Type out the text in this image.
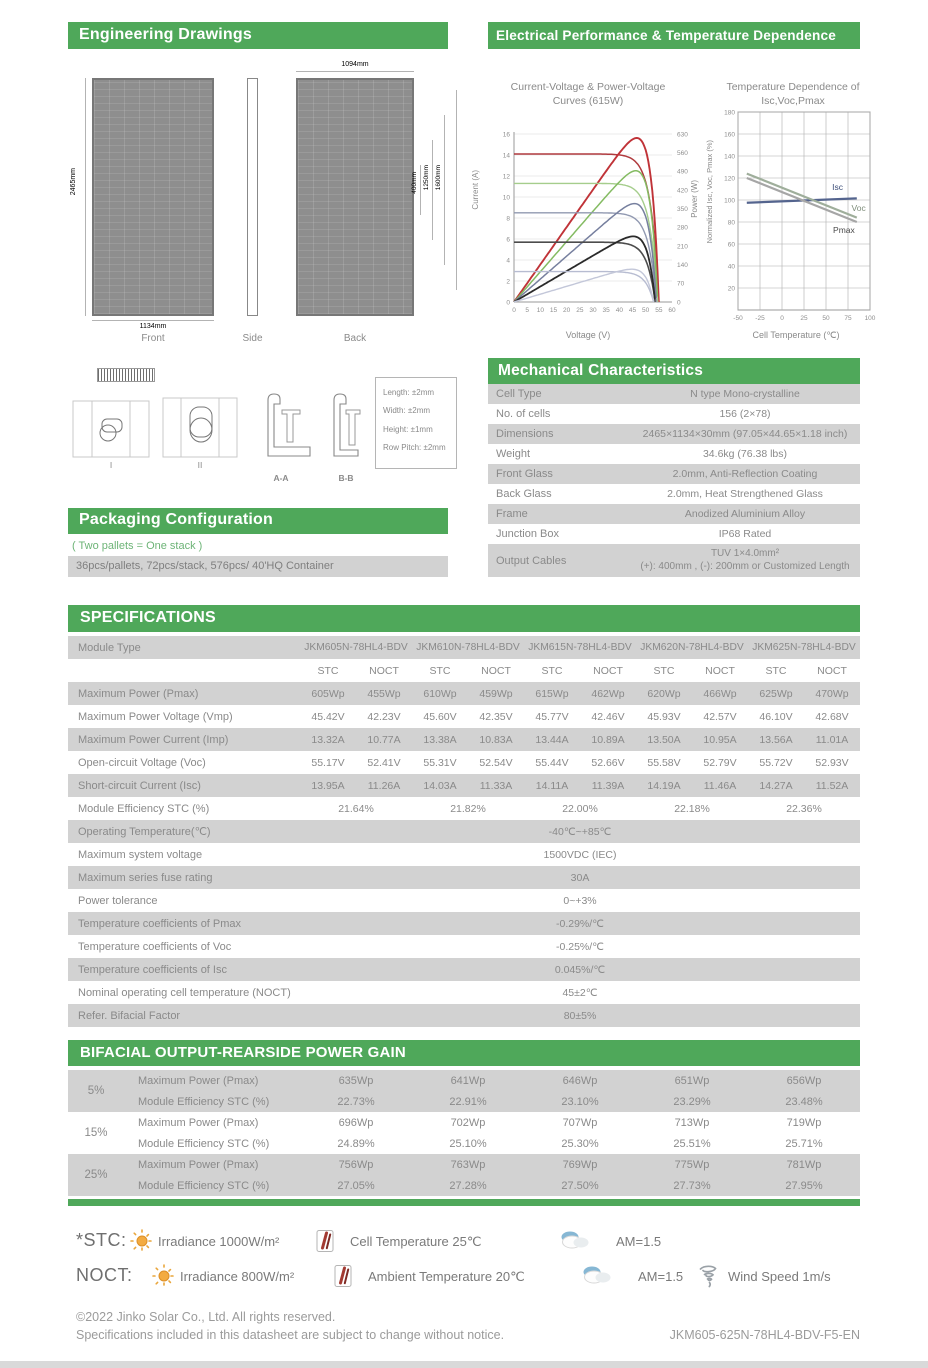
Engineering Drawings	Electrical Performance & Temperature Dependence
2465mm
1134mm
Front	Side
1094mm
400mm 1250mm 1600mm
Back
Current-Voltage & Power-Voltage
Curves (615W)
Current (A)
0
2
4
6
8
10
12
14
16
0
70
140
210
280
350
420
490
560
630
0 5 10 15 20 25 30 35 40 45 50 55 60
Power (W)
Voltage (V)
Temperature Dependence of
Isc,Voc,Pmax
Normalized Isc, Voc, Pmax (%)
-50 -25 0	25 50 75 100
20
40
60
80
100
120
140
160
180
Isc
Voc
Pmax
Cell Temperature (℃)
Mechanical Characteristics
Cell Type	N type Mono-crystalline
No. of cells	156 (2×78)
Dimensions	2465×1134×30mm (97.05×44.65×1.18 inch)
Weight	34.6kg (76.38 lbs)
Front Glass	2.0mm, Anti-Reflection Coating
Back Glass	2.0mm, Heat Strengthened Glass
Frame	Anodized Aluminium Alloy
Junction Box	IP68 Rated
Output Cables	TUV 1×4.0mm²
(+): 400mm , (-): 200mm or Customized Length
I	II
A-A	B-B
Length: ±2mm
Width: ±2mm
Height: ±1mm
Row Pitch: ±2mm
Packaging Configuration
( Two pallets = One stack )
36pcs/pallets, 72pcs/stack, 576pcs/ 40'HQ Container
SPECIFICATIONS
Module Type	JKM605N-78HL4-BDV		JKM610N-78HL4-BDV		JKM615N-78HL4-BDV		JKM620N-78HL4-BDV		JKM625N-78HL4-BDV	
	STC	NOCT	STC	NOCT	STC	NOCT	STC	NOCT	STC	NOCT
Maximum Power (Pmax)	605Wp	455Wp	610Wp	459Wp	615Wp	462Wp	620Wp	466Wp	625Wp	470Wp
Maximum Power Voltage (Vmp)	45.42V	42.23V	45.60V	42.35V	45.77V	42.46V	45.93V	42.57V	46.10V	42.68V
Maximum Power Current (Imp)	13.32A	10.77A	13.38A	10.83A	13.44A	10.89A	13.50A	10.95A	13.56A	11.01A
Open-circuit Voltage (Voc)	55.17V	52.41V	55.31V	52.54V	55.44V	52.66V	55.58V	52.79V	55.72V	52.93V
Short-circuit Current (Isc)	13.95A	11.26A	14.03A	11.33A	14.11A	11.39A	14.19A	11.46A	14.27A	11.52A
Module Efficiency STC (%)	21.64%		21.82%		22.00%		22.18%		22.36%	
Operating Temperature(℃)	-40℃~+85℃									
Maximum system voltage	1500VDC (IEC)									
Maximum series fuse rating	30A									
Power tolerance	0~+3%									
Temperature coefficients of Pmax	-0.29%/℃									
Temperature coefficients of Voc	-0.25%/℃									
Temperature coefficients of Isc	0.045%/℃									
Nominal operating cell temperature (NOCT)	45±2℃									
Refer. Bifacial Factor	80±5%									
BIFACIAL OUTPUT-REARSIDE POWER GAIN
5%	Maximum Power (Pmax)	635Wp	641Wp	646Wp	651Wp	656Wp
	Module Efficiency STC (%)	22.73%	22.91%	23.10%	23.29%	23.48%
15%	Maximum Power (Pmax)	696Wp	702Wp	707Wp	713Wp	719Wp
	Module Efficiency STC (%)	24.89%	25.10%	25.30%	25.51%	25.71%
25%	Maximum Power (Pmax)	756Wp	763Wp	769Wp	775Wp	781Wp
	Module Efficiency STC (%)	27.05%	27.28%	27.50%	27.73%	27.95%
*STC: Irradiance 1000W/m²	Cell Temperature 25℃	AM=1.5
NOCT:	Irradiance 800W/m²	Ambient Temperature 20℃	AM=1.5	Wind Speed 1m/s
©2022 Jinko Solar Co., Ltd. All rights reserved.
Specifications included in this datasheet are subject to change without notice.	JKM605-625N-78HL4-BDV-F5-EN
